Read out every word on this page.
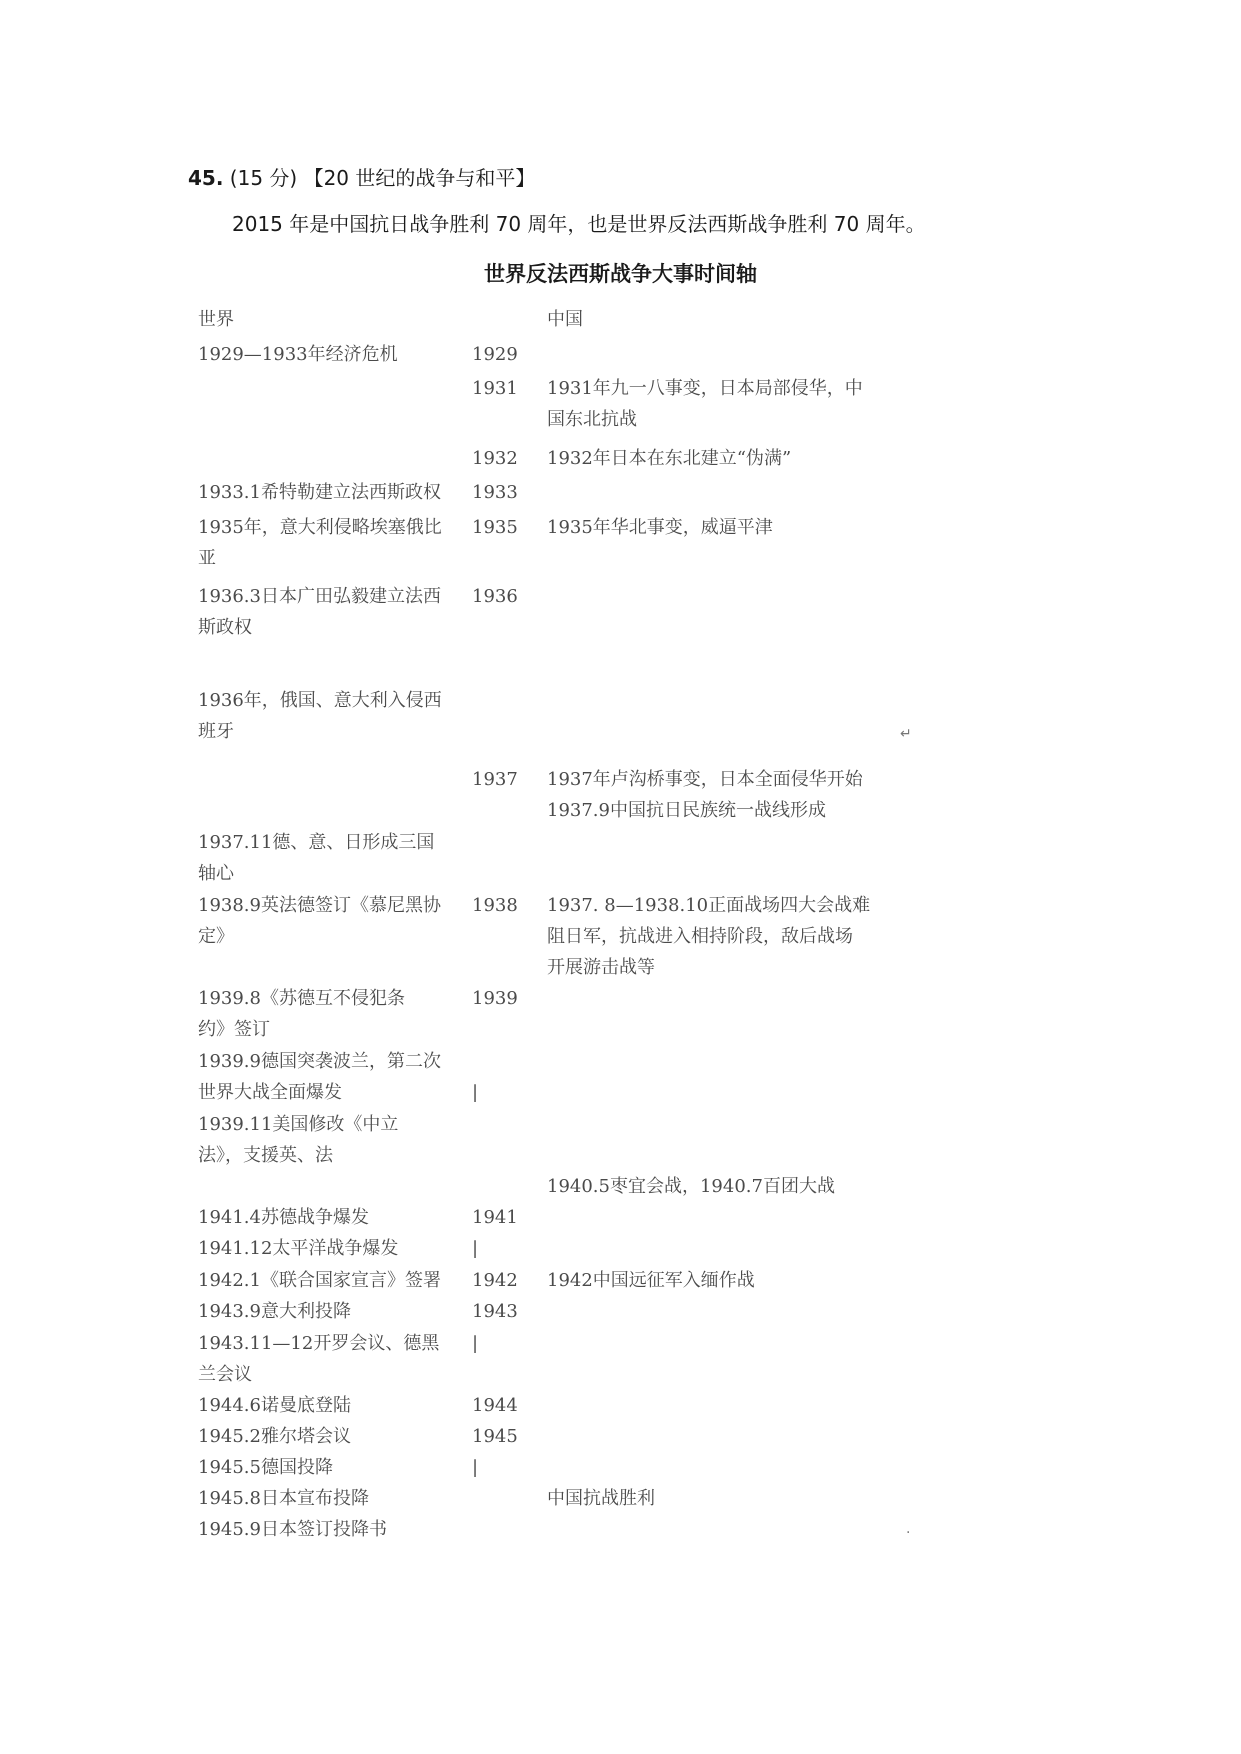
45. (15 分) 【20 世纪的战争与和平】
2015 年是中国抗日战争胜利 70 周年，也是世界反法西斯战争胜利 70 周年。
世界反法西斯战争大事时间轴
世界	中国
1929—1933年经济危机
1933.1希特勒建立法西斯政权
1935年，意大利侵略埃塞俄比
亚
1936.3日本广田弘毅建立法西
斯政权
1936年，俄国、意大利入侵西
班牙
1937.11德、意、日形成三国
轴心
1938.9英法德签订《慕尼黑协
定》
1939.8《苏德互不侵犯条
约》签订
1939.9德国突袭波兰，第二次
世界大战全面爆发
1939.11美国修改《中立
法》，支援英、法
1941.4苏德战争爆发
1941.12太平洋战争爆发
1942.1《联合国家宣言》签署
1943.9意大利投降
1943.11—12开罗会议、德黑
兰会议
1944.6诺曼底登陆
1945.2雅尔塔会议
1945.5德国投降
1945.8日本宣布投降
1945.9日本签订投降书
1929
1931
1932
1933
1935
1936
1937
1938
1939
|
1941
|
1942
1943
|
1944
1945
|
1931年九一八事变，日本局部侵华，中
国东北抗战
1932年日本在东北建立“伪满”
1935年华北事变，威逼平津
1937年卢沟桥事变，日本全面侵华开始
1937.9中国抗日民族统一战线形成
1937. 8—1938.10正面战场四大会战难
阻日军，抗战进入相持阶段，敌后战场
开展游击战等
1940.5枣宜会战，1940.7百团大战
1942中国远征军入缅作战
中国抗战胜利
↵
·
